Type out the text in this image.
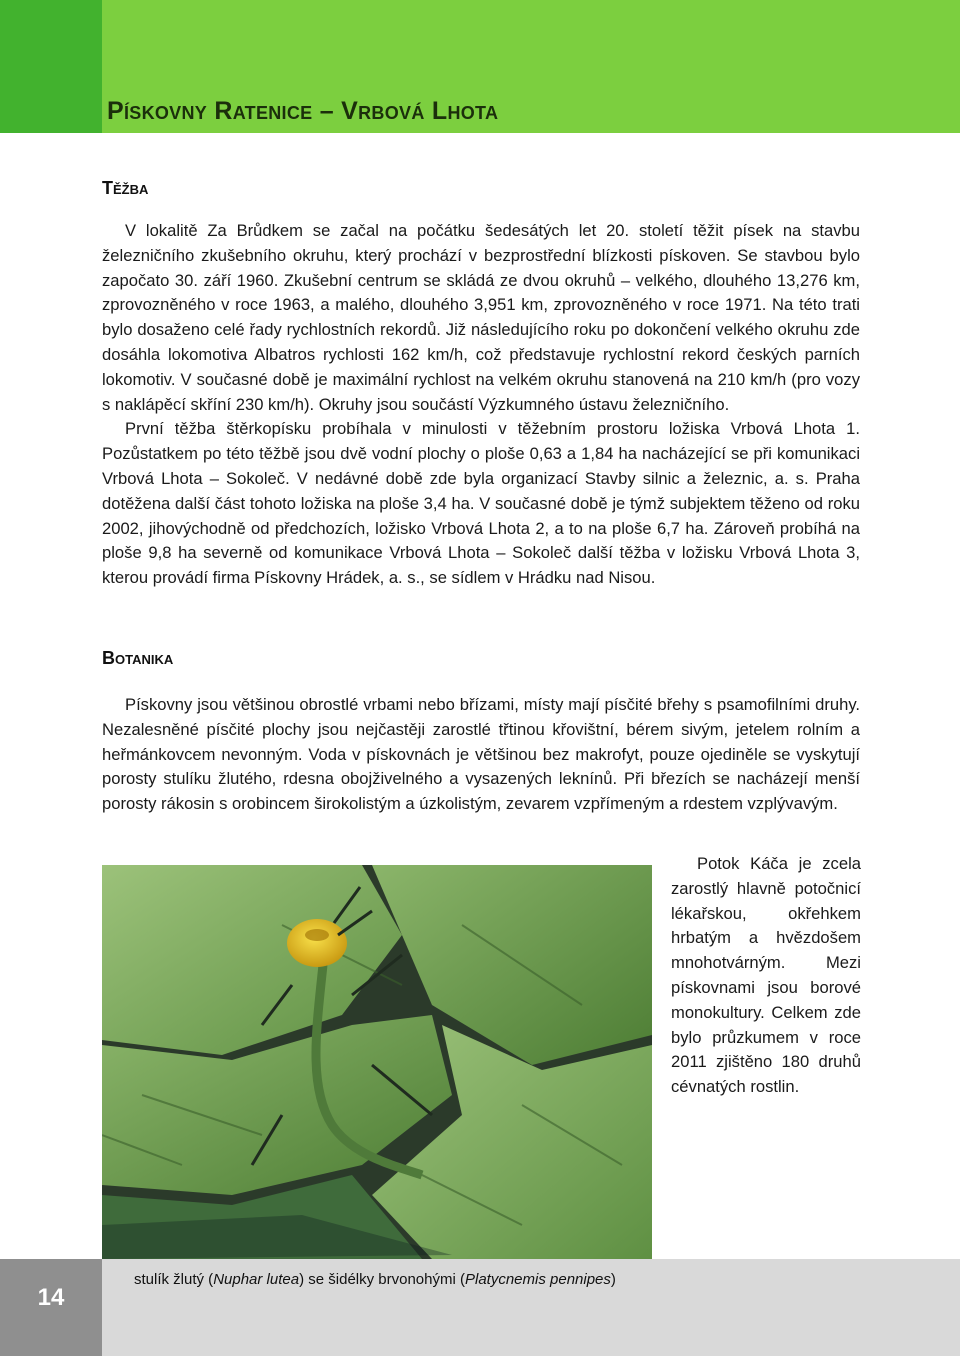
Pískovny Ratenice – Vrbová Lhota
Těžba

V lokalitě Za Brůdkem se začal na počátku šedesátých let 20. století těžit písek na stavbu železničního zkušebního okruhu, který prochází v bezprostřední blízkosti pískoven. Se stavbou bylo započato 30. září 1960. Zkušební centrum se skládá ze dvou okruhů – velkého, dlouhého 13,276 km, zprovozněného v roce 1963, a malého, dlouhého 3,951 km, zprovozněného v roce 1971. Na této trati bylo dosaženo celé řady rychlostních rekordů. Již následujícího roku po dokončení velkého okruhu zde dosáhla lokomotiva Albatros rychlosti 162 km/h, což představuje rychlostní rekord českých parních lokomotiv. V současné době je maximální rychlost na velkém okruhu stanovená na 210 km/h (pro vozy s naklápěcí skříní 230 km/h). Okruhy jsou součástí Výzkumného ústavu železničního.

První těžba štěrkopísku probíhala v minulosti v těžebním prostoru ložiska Vrbová Lhota 1. Pozůstatkem po této těžbě jsou dvě vodní plochy o ploše 0,63 a 1,84 ha nacházející se při komunikaci Vrbová Lhota – Sokoleč. V nedávné době zde byla organizací Stavby silnic a železnic, a. s. Praha dotěžena další část tohoto ložiska na ploše 3,4 ha. V současné době je týmž subjektem těženo od roku 2002, jihovýchodně od předchozích, ložisko Vrbová Lhota 2, a to na ploše 6,7 ha. Zároveň probíhá na ploše 9,8 ha severně od komunikace Vrbová Lhota – Sokoleč další těžba v ložisku Vrbová Lhota 3, kterou provádí firma Pískovny Hrádek, a. s., se sídlem v Hrádku nad Nisou.

Botanika

Pískovny jsou většinou obrostlé vrbami nebo břízami, místy mají písčité břehy s psamofilními druhy. Nezalesněné písčité plochy jsou nejčastěji zarostlé třtinou křovištní, bérem sivým, jetelem rolním a heřmánkovcem nevonným. Voda v pískovnách je většinou bez makrofyt, pouze ojediněle se vyskytují porosty stulíku žlutého, rdesna obojživelného a vysazených leknínů. Při březích se nacházejí menší porosty rákosin s orobincem širokolistým a úzkolistým, zevarem vzpřímeným a rdestem vzplývavým.

Potok Káča je zcela zarostlý hlavně potočnicí lékařskou, okřehkem hrbatým a hvězdošem mnohotvárným. Mezi pískovnami jsou borové monokultury. Celkem zde bylo průzkumem v roce 2011 zjištěno 180 druhů cévnatých rostlin.

14

stulík žlutý (Nuphar lutea) se šidélky brvonohými (Platycnemis pennipes)
